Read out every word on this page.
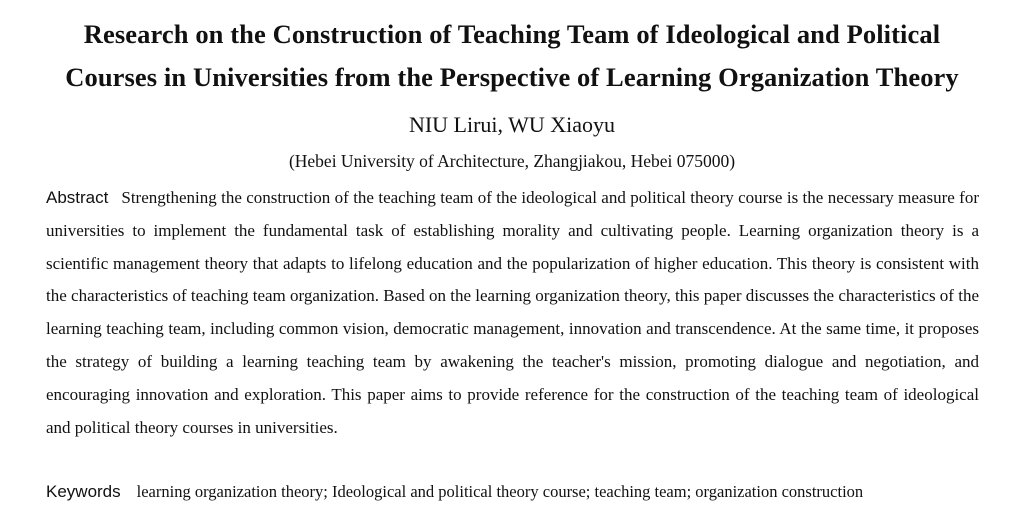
Research on the Construction of Teaching Team of Ideological and Political
Courses in Universities from the Perspective of Learning Organization Theory
NIU Lirui, WU Xiaoyu
(Hebei University of Architecture, Zhangjiakou, Hebei 075000)

Abstract Strengthening the construction of the teaching team of the ideological and political theory course is the necessary measure for universities to implement the fundamental task of establishing morality and cultivating people. Learning organization theory is a scientific management theory that adapts to lifelong education and the popularization of higher education. This theory is consistent with the characteristics of teaching team organization. Based on the learning organization theory, this paper discusses the characteristics of the learning teaching team, including common vision, democratic management, innovation and transcendence. At the same time, it proposes the strategy of building a learning teaching team by awakening the teacher's mission, promoting dialogue and negotiation, and encouraging innovation and exploration. This paper aims to provide reference for the construction of the teaching team of ideological and political theory courses in universities.

Keywords learning organization theory; Ideological and political theory course; teaching team; organization construction
